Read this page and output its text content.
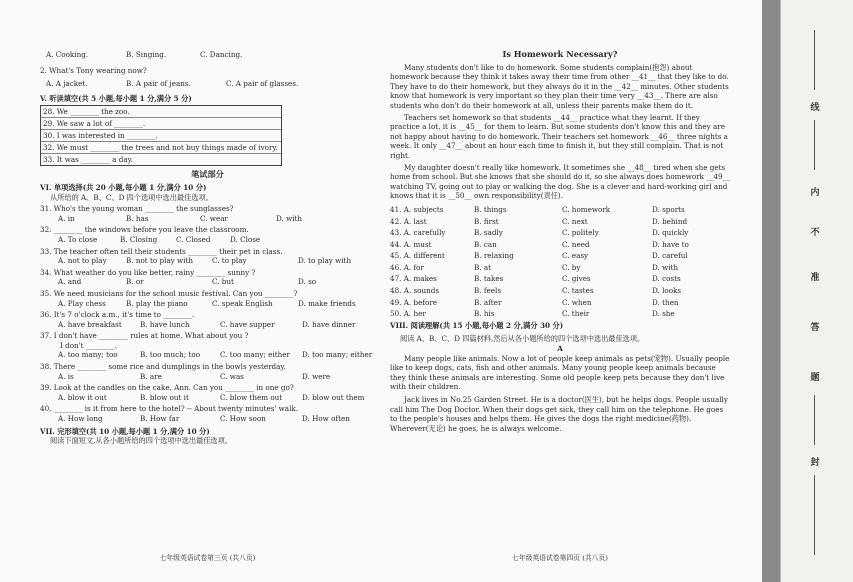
A. Cooking.	B. Singing.	C. Dancing.
2. What's Tony wearing now?
A. A jacket.	B. A pair of jeans.	C. A pair of glasses.
V. 听读填空(共 5 小题,每小题 1 分,满分 5 分)
28. We ________ the zoo.
29. We saw a lot of ________.
30. I was interested in ________.
32. We must ________ the trees and not buy things made of ivory.
33. It was ________ a day.
笔试部分
VI. 单项选择(共 20 小题,每小题 1 分,满分 10 分)
从所给的 A、B、C、D 四个选项中选出最佳选项。
31. Who's the young woman ________ the sunglasses?
A. in	B. has	C. wear	D. with
32. ________ the windows before you leave the classroom.
A. To close	B. Closing	C. Closed	D. Close
33. The teacher often tell their students ________ their pet in class.
A. not to play	B. not to play with	C. to play	D. to play with
34. What weather do you like better, rainy ________ sunny ?
A. and	B. or	C. but	D. so
35. We need musicians for the school music festival. Can you ________?
A. Play chess	B. play the piano	C. speak English	D. make friends
36. It's 7 o'clock a.m., it's time to ________.
A. have breakfast	B. have lunch	C. have supper	D. have dinner
37. I don't have ________ rules at home. What about you ?
I don't ________.
A. too many; too	B. too much; too	C. too many; either D. too many; either
38. There ________ some rice and dumplings in the bowls yesterday.
A. is	B. are	C. was	D. were
39. Look at the candles on the cake, Ann. Can you ________ in one go?
A. blow it out	B. blow out it	C. blow them out	D. blow out them
40. ________ is it from here to the hotel? -- About twenty minutes' walk.
A. How long	B. How far	C. How soon	D. How often
VII. 完形填空(共 10 小题,每小题 1 分,满分 10 分)
阅读下面短文,从各小题所给的四个选项中选出最佳选项。
七年级英语试卷第三页 (共八页)
Is Homework Necessary?
Many students don't like to do homework. Some students complain(抱怨) about homework because they think it takes away their time from other __41__ that they like to do. They have to do their homework, but they always do it in the __42__ minutes. Other students know that homework is very important so they plan their time very __43__. There are also students who don't do their homework at all, unless their parents make them do it.
Teachers set homework so that students __44__ practice what they learnt. If they practice a lot, it is __45__ for them to learn. But some students don't know this and they are not happy about having to do homework. Their teachers set homework __46__ three nights a week. It only __47__ about an hour each time to finish it, but they still complain. That is not right.
My daughter doesn't really like homework. It sometimes she __48__ tired when she gets home from school. But she knows that she should do it, so she always does homework __49__ watching TV, going out to play or walking the dog. She is a clever and hard-working girl and knows that it is __50__ own responsibility(责任).
41. A. subjects	B. things	C. homework	D. sports
42. A. last	B. first	C. next	D. behind
43. A. carefully	B. sadly	C. politely	D. quickly
44. A. must	B. can	C. need	D. have to
45. A. different	B. relaxing	C. easy	D. careful
46. A. for	B. at	C. by	D. with
47. A. makes	B. takes	C. gives	D. costs
48. A. sounds	B. feels	C. tastes	D. looks
49. A. before	B. after	C. when	D. then
50. A. her	B. his	C. their	D. she
VIII. 阅读理解(共 15 小题,每小题 2 分,满分 30 分)
阅读 A、B、C、D 四篇材料,然后从各小题所给的四个选项中选出最佳选项。
A
Many people like animals. Now a lot of people keep animals as pets(宠物). Usually people like to keep dogs, cats, fish and other animals. Many young people keep animals because they think these animals are interesting. Some old people keep pets because they don't live with their children.
Jack lives in No.25 Garden Street. He is a doctor(医生), but he helps dogs. People usually call him The Dog Doctor. When their dogs get sick, they call him on the telephone. He goes to the people's houses and helps them. He gives the dogs the right medicine(药物). Wherever(无论) he goes, he is always welcome.
七年级英语试卷第四页 (共八页)
线
内
不
准
答
题
封
